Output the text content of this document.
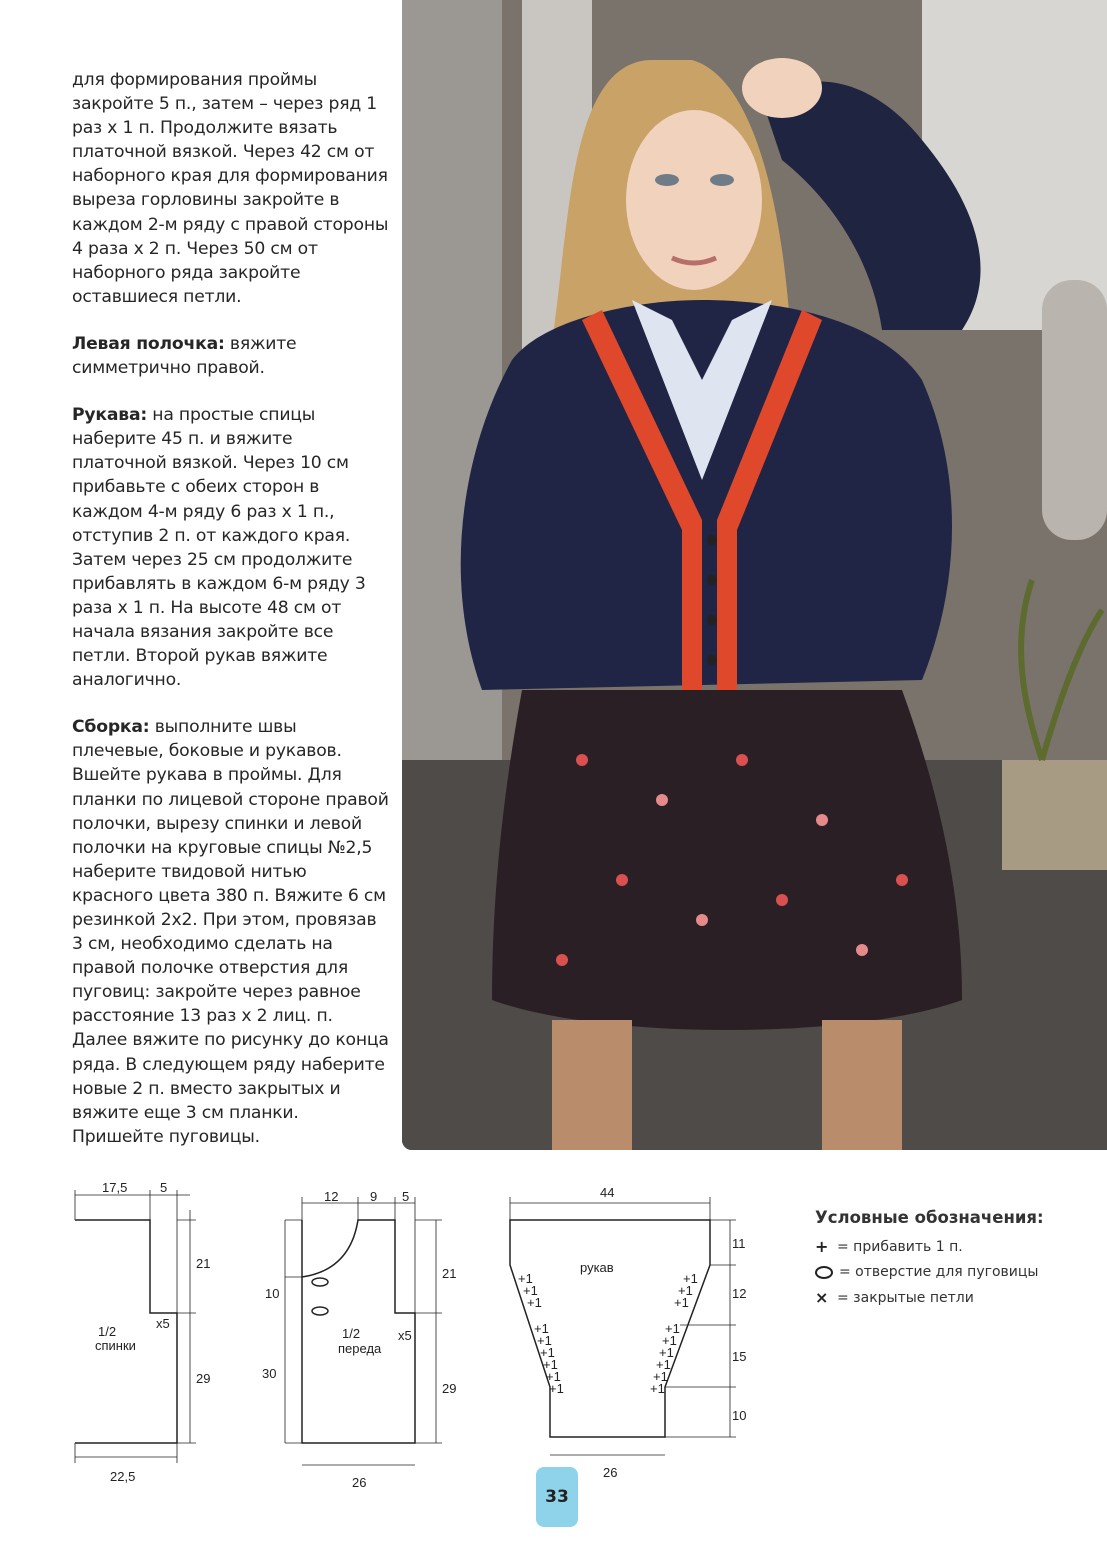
для формирования проймы закройте 5 п., затем – через ряд 1 раз х 1 п. Продолжите вязать платочной вязкой. Через 42 см от наборного края для формирования выреза горловины закройте в каждом 2-м ряду с правой стороны 4 раза х 2 п. Через 50 см от наборного ряда закройте оставшиеся петли.

Левая полочка: вяжите симметрично правой.

Рукава: на простые спицы наберите 45 п. и вяжите платочной вязкой. Через 10 см прибавьте с обеих сторон в каждом 4-м ряду 6 раз х 1 п., отступив 2 п. от каждого края. Затем через 25 см продолжите прибавлять в каждом 6-м ряду 3 раза х 1 п. На высоте 48 см от начала вязания закройте все петли. Второй рукав вяжите аналогично.

Сборка: выполните швы плечевые, боковые и рукавов. Вшейте рукава в проймы. Для планки по лицевой стороне правой полочки, вырезу спинки и левой полочки на круговые спицы №2,5 наберите твидовой нитью красного цвета 380 п. Вяжите 6 см резинкой 2х2. При этом, провязав 3 см, необходимо сделать на правой полочке отверстия для пуговиц: закройте через равное расстояние 13 раз х 2 лиц. п. Далее вяжите по рисунку до конца ряда. В следующем ряду наберите новые 2 п. вместо закрытых и вяжите еще 3 см планки. Пришейте пуговицы.

17,5	5
21
29
x5
1/2
спинки
22,5
12 9 5
10
30
21
29
x5
1/2
переда
26
44
рукав
11
12
15
10
26
+1
+1
+1
+1
+1
+1
+1
+1
+1
+1
+1
+1
+1
+1
+1
+1
+1
+1
Условные обозначения:
+ = прибавить 1 п.
= отверстие для пуговицы
× = закрытые петли
33
